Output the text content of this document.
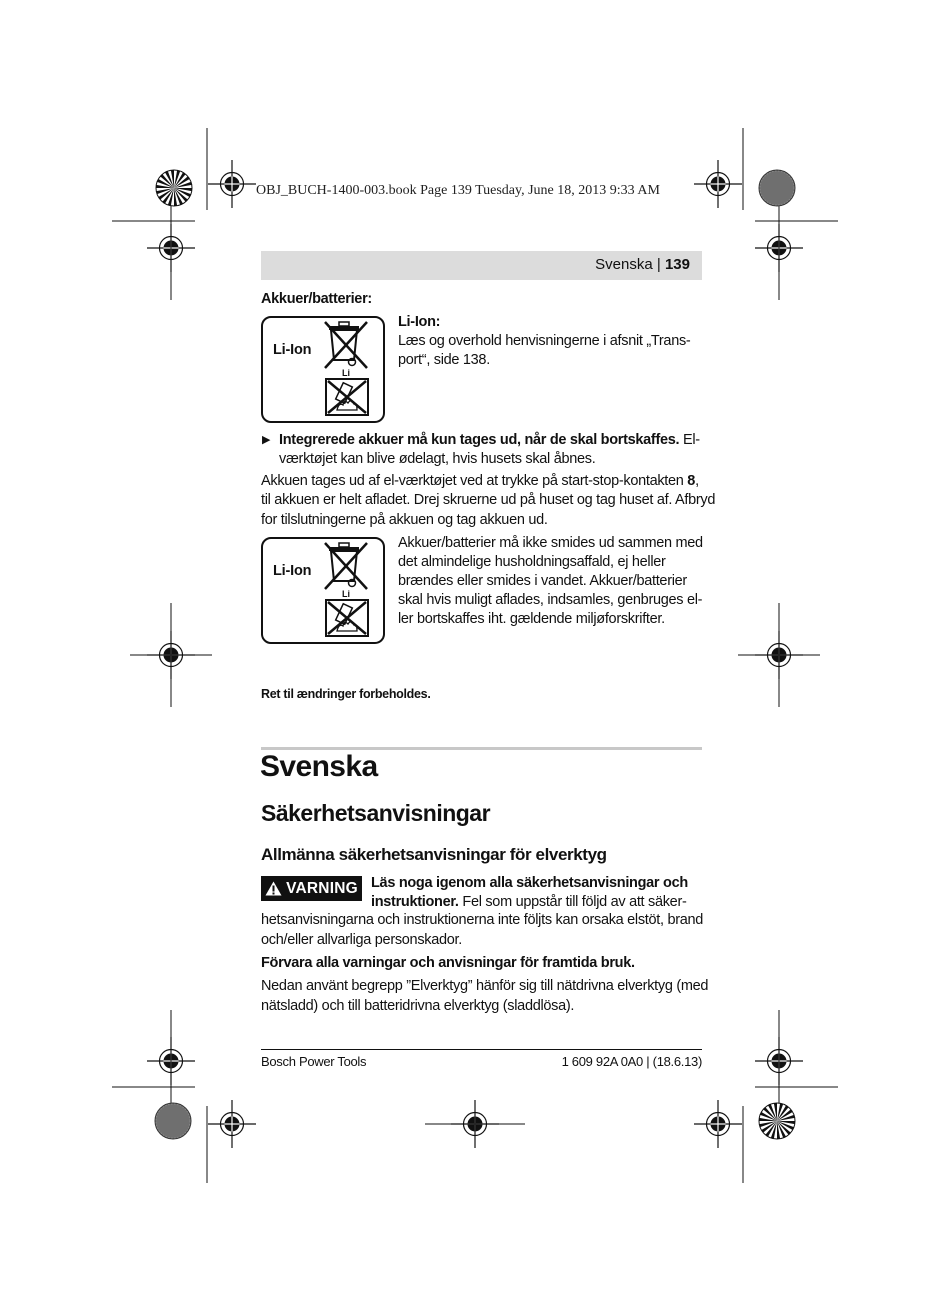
OBJ_BUCH-1400-003.book Page 139 Tuesday, June 18, 2013 9:33 AM
Svenska | 139
Akkuer/batterier:
Li-Ion
Li
Li-Ion:
Læs og overhold henvisningerne i afsnit „Trans-
port“, side 138.
▶ Integrerede akkuer må kun tages ud, når de skal bortskaffes. El-
værktøjet kan blive ødelagt, hvis husets skal åbnes.
Akkuen tages ud af el-værktøjet ved at trykke på start-stop-kontakten 8,
til akkuen er helt afladet. Drej skruerne ud på huset og tag huset af. Afbryd
for tilslutningerne på akkuen og tag akkuen ud.
Li-Ion
Li
Akkuer/batterier må ikke smides ud sammen med
det almindelige husholdningsaffald, ej heller
brændes eller smides i vandet. Akkuer/batterier
skal hvis muligt aflades, indsamles, genbruges el-
ler bortskaffes iht. gældende miljøforskrifter.
Ret til ændringer forbeholdes.
Svenska
Säkerhetsanvisningar
Allmänna säkerhetsanvisningar för elverktyg
VARNING Läs noga igenom alla säkerhetsanvisningar och
instruktioner. Fel som uppstår till följd av att säker-
hetsanvisningarna och instruktionerna inte följts kan orsaka elstöt, brand
och/eller allvarliga personskador.
Förvara alla varningar och anvisningar för framtida bruk.
Nedan använt begrepp ”Elverktyg” hänför sig till nätdrivna elverktyg (med
nätsladd) och till batteridrivna elverktyg (sladdlösa).
Bosch Power Tools	1 609 92A 0A0 | (18.6.13)
